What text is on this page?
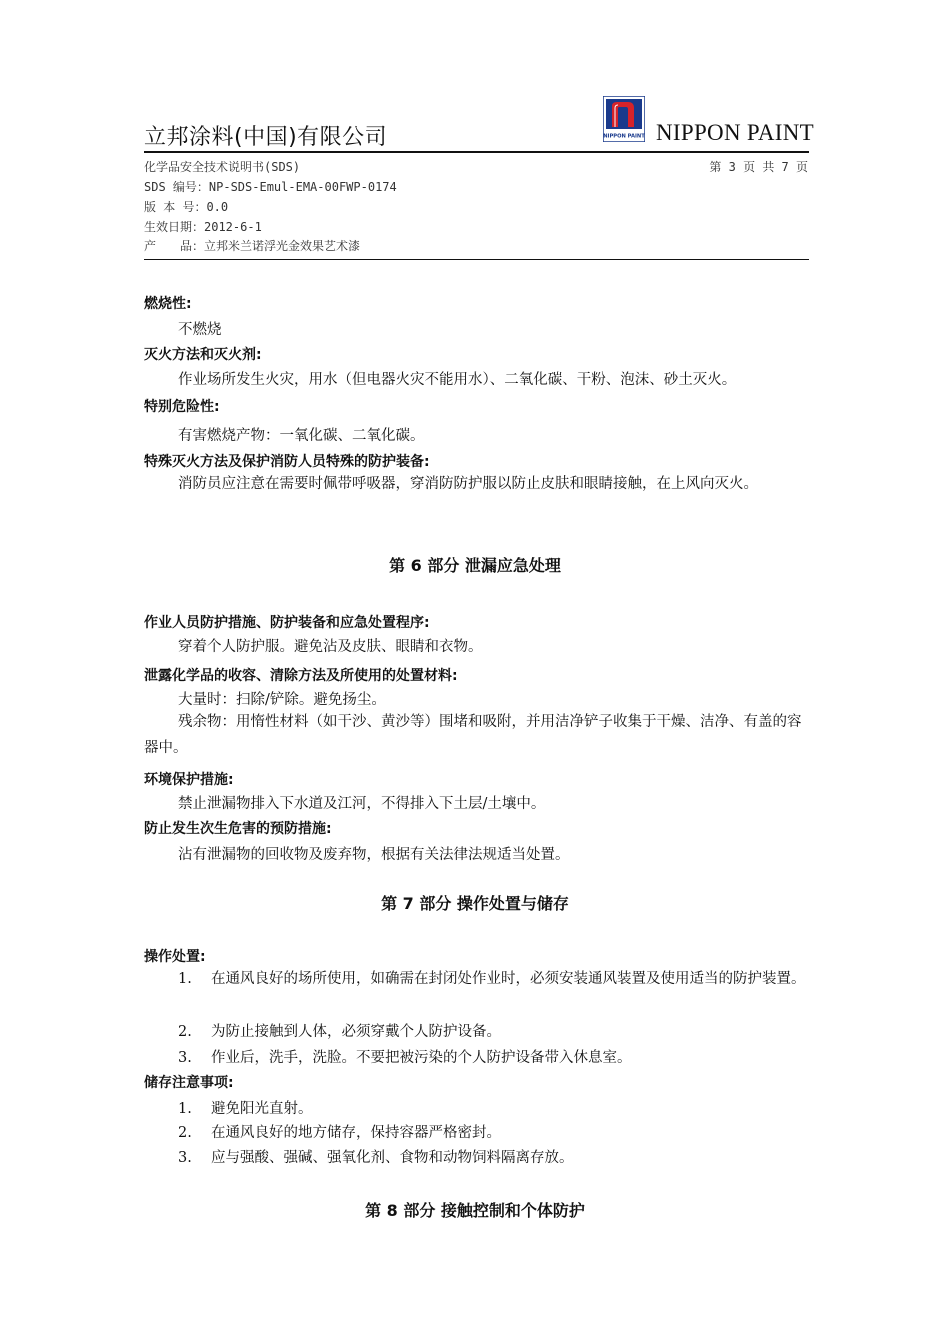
立邦涂料(中国)有限公司	NIPPON PAINT NIPPON PAINT
化学品安全技术说明书(SDS)	第 3 页 共 7 页
SDS 编号：NP-SDS-Emul-EMA-00FWP-0174
版 本 号：0.0
生效日期：2012-6-1
产　　品：立邦米兰诺浮光金效果艺术漆
燃烧性:
不燃烧
灭火方法和灭火剂:
作业场所发生火灾，用水（但电器火灾不能用水）、二氧化碳、干粉、泡沫、砂土灭火。
特别危险性:
有害燃烧产物：一氧化碳、二氧化碳。
特殊灭火方法及保护消防人员特殊的防护装备:
消防员应注意在需要时佩带呼吸器，穿消防防护服以防止皮肤和眼睛接触，在上风向灭火。
第 6 部分 泄漏应急处理
作业人员防护措施、防护装备和应急处置程序:
穿着个人防护服。避免沾及皮肤、眼睛和衣物。
泄露化学品的收容、清除方法及所使用的处置材料:
大量时：扫除/铲除。避免扬尘。
残余物：用惰性材料（如干沙、黄沙等）围堵和吸附，并用洁净铲子收集于干燥、洁净、有盖的容器中。
环境保护措施:
禁止泄漏物排入下水道及江河，不得排入下土层/土壤中。
防止发生次生危害的预防措施:
沾有泄漏物的回收物及废弃物，根据有关法律法规适当处置。
第 7 部分 操作处置与储存
操作处置:
1. 在通风良好的场所使用，如确需在封闭处作业时，必须安装通风装置及使用适当的防护装置。
2. 为防止接触到人体，必须穿戴个人防护设备。
3. 作业后，洗手，洗脸。不要把被污染的个人防护设备带入休息室。
储存注意事项:
1. 避免阳光直射。
2. 在通风良好的地方储存，保持容器严格密封。
3. 应与强酸、强碱、强氧化剂、食物和动物饲料隔离存放。
第 8 部分 接触控制和个体防护
